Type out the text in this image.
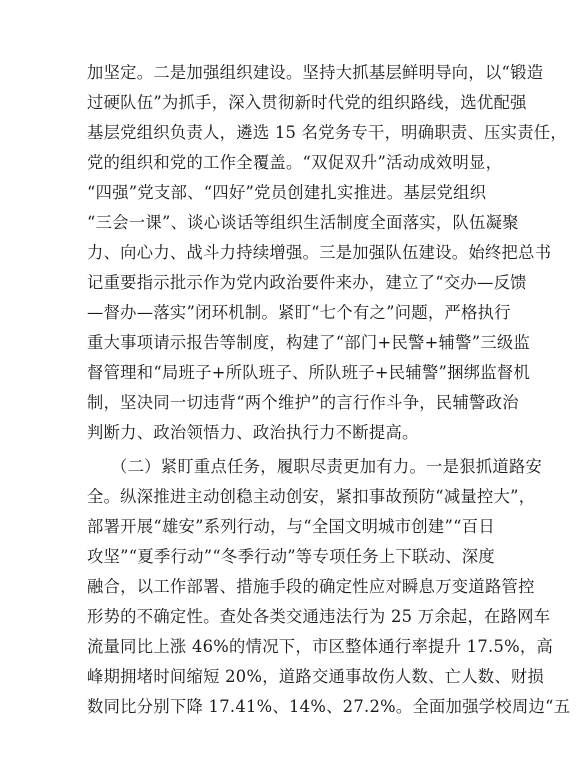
加坚定。二是加强组织建设。坚持大抓基层鲜明导向，以“锻造
过硬队伍”为抓手，深入贯彻新时代党的组织路线，选优配强
基层党组织负责人，遴选 15 名党务专干，明确职责、压实责任，
党的组织和党的工作全覆盖。“双促双升”活动成效明显，
“四强”党支部、“四好”党员创建扎实推进。基层党组织
“三会一课”、谈心谈话等组织生活制度全面落实，队伍凝聚
力、向心力、战斗力持续增强。三是加强队伍建设。始终把总书
记重要指示批示作为党内政治要件来办，建立了“交办—反馈
—督办—落实”闭环机制。紧盯“七个有之”问题，严格执行
重大事项请示报告等制度，构建了“部门+民警+辅警”三级监
督管理和“局班子+所队班子、所队班子+民辅警”捆绑监督机
制，坚决同一切违背“两个维护”的言行作斗争，民辅警政治
判断力、政治领悟力、政治执行力不断提高。
（二）紧盯重点任务，履职尽责更加有力。一是狠抓道路安
全。纵深推进主动创稳主动创安，紧扣事故预防“减量控大”，
部署开展“雄安”系列行动，与“全国文明城市创建”“百日
攻坚”“夏季行动”“冬季行动”等专项任务上下联动、深度
融合，以工作部署、措施手段的确定性应对瞬息万变道路管控
形势的不确定性。查处各类交通违法行为 25 万余起，在路网车
流量同比上涨 46%的情况下，市区整体通行率提升 17.5%，高
峰期拥堵时间缩短 20%，道路交通事故伤人数、亡人数、财损
数同比分别下降 17.41%、14%、27.2%。全面加强学校周边“五
